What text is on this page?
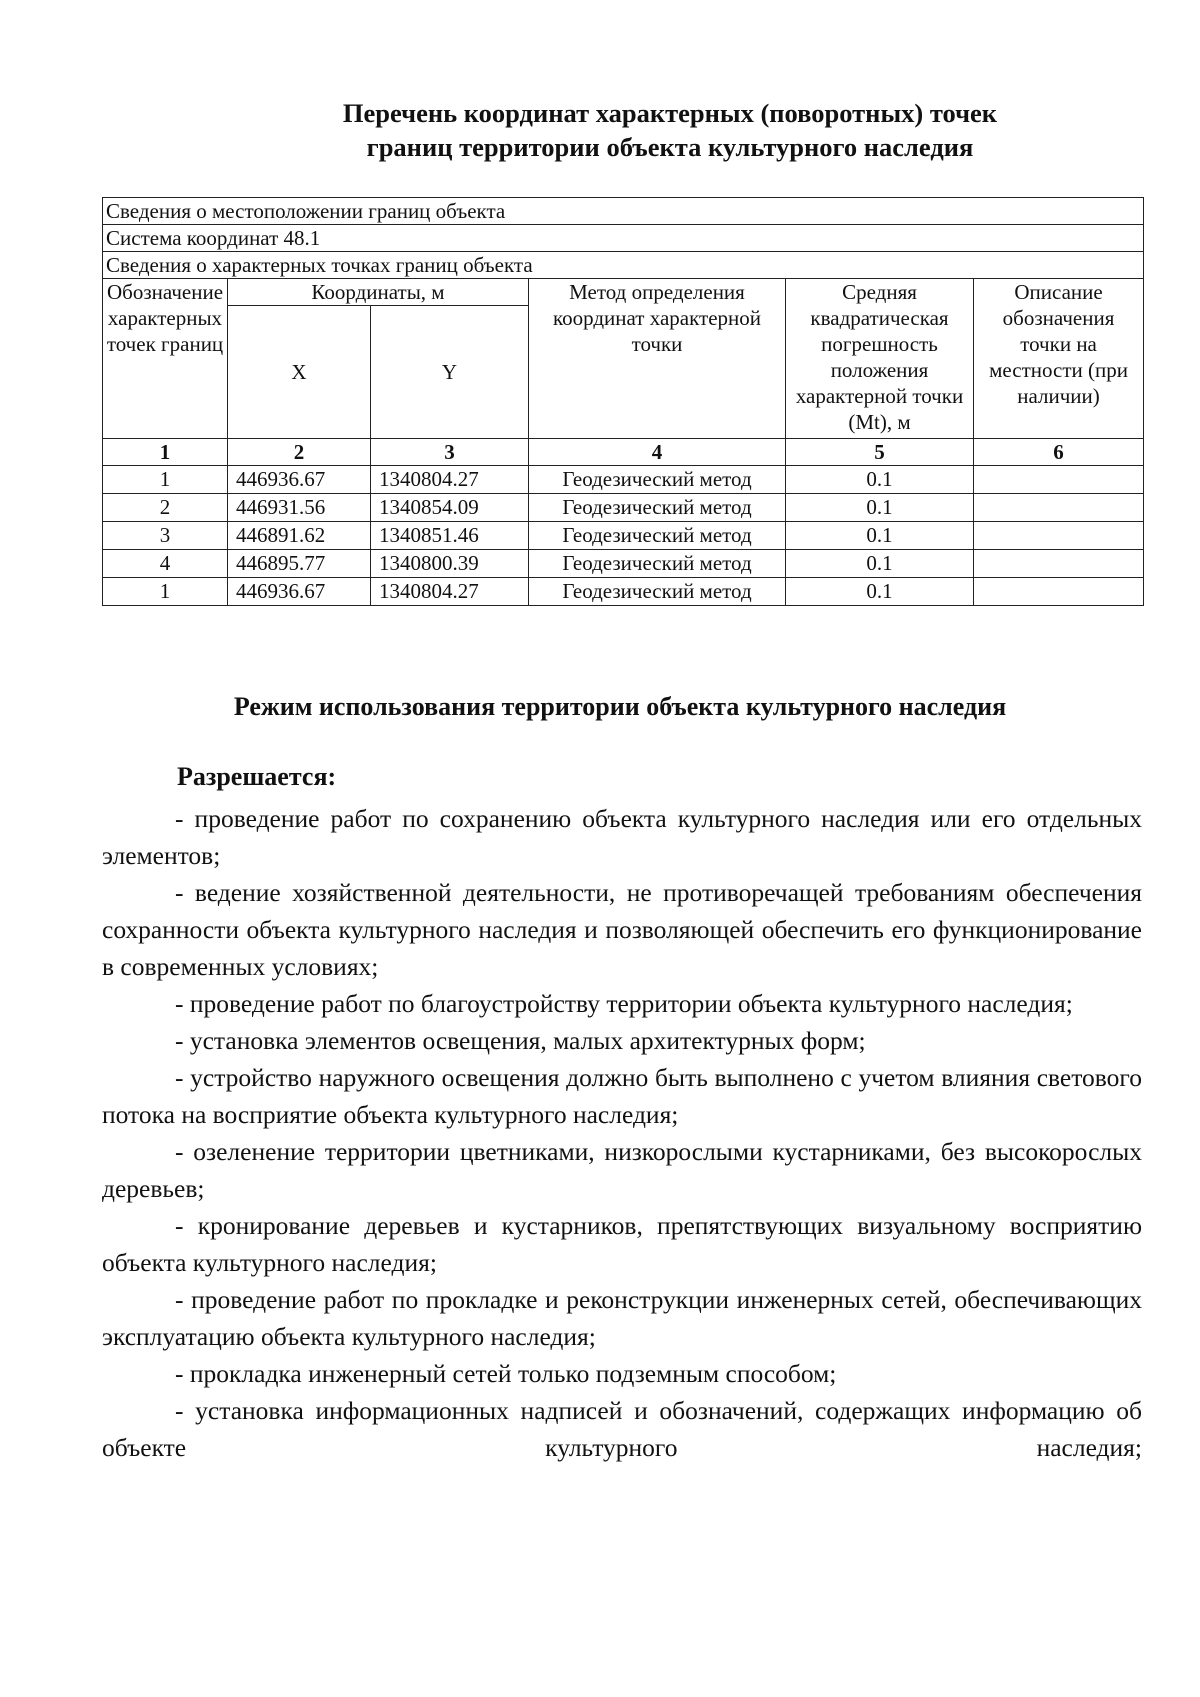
Перечень координат характерных (поворотных) точек
границ территории объекта культурного наследия
Сведения о местоположении границ объекта					
Система координат 48.1					
Сведения о характерных точках границ объекта					
Обозначение характерных точек границ	Координаты, м		Метод определения координат характерной точки	Средняя квадратическая погрешность положения характерной точки (Mt), м	Описание обозначения точки на местности (при наличии)
	X	Y			
1	2	3	4	5	6
1	446936.67	1340804.27	Геодезический метод	0.1	
2	446931.56	1340854.09	Геодезический метод	0.1	
3	446891.62	1340851.46	Геодезический метод	0.1	
4	446895.77	1340800.39	Геодезический метод	0.1	
1	446936.67	1340804.27	Геодезический метод	0.1	
Режим использования территории объекта культурного наследия

Разрешается:

- проведение работ по сохранению объекта культурного наследия или его отдельных элементов;
- ведение хозяйственной деятельности, не противоречащей требованиям обеспечения сохранности объекта культурного наследия и позволяющей обеспечить его функционирование в современных условиях;
- проведение работ по благоустройству территории объекта культурного наследия;
- установка элементов освещения, малых архитектурных форм;
- устройство наружного освещения должно быть выполнено с учетом влияния светового потока на восприятие объекта культурного наследия;
- озеленение территории цветниками, низкорослыми кустарниками, без высокорослых деревьев;
- кронирование деревьев и кустарников, препятствующих визуальному восприятию объекта культурного наследия;
- проведение работ по прокладке и реконструкции инженерных сетей, обеспечивающих эксплуатацию объекта культурного наследия;
- прокладка инженерный сетей только подземным способом;
- установка информационных надписей и обозначений, содержащих информацию об объекте культурного наследия;
